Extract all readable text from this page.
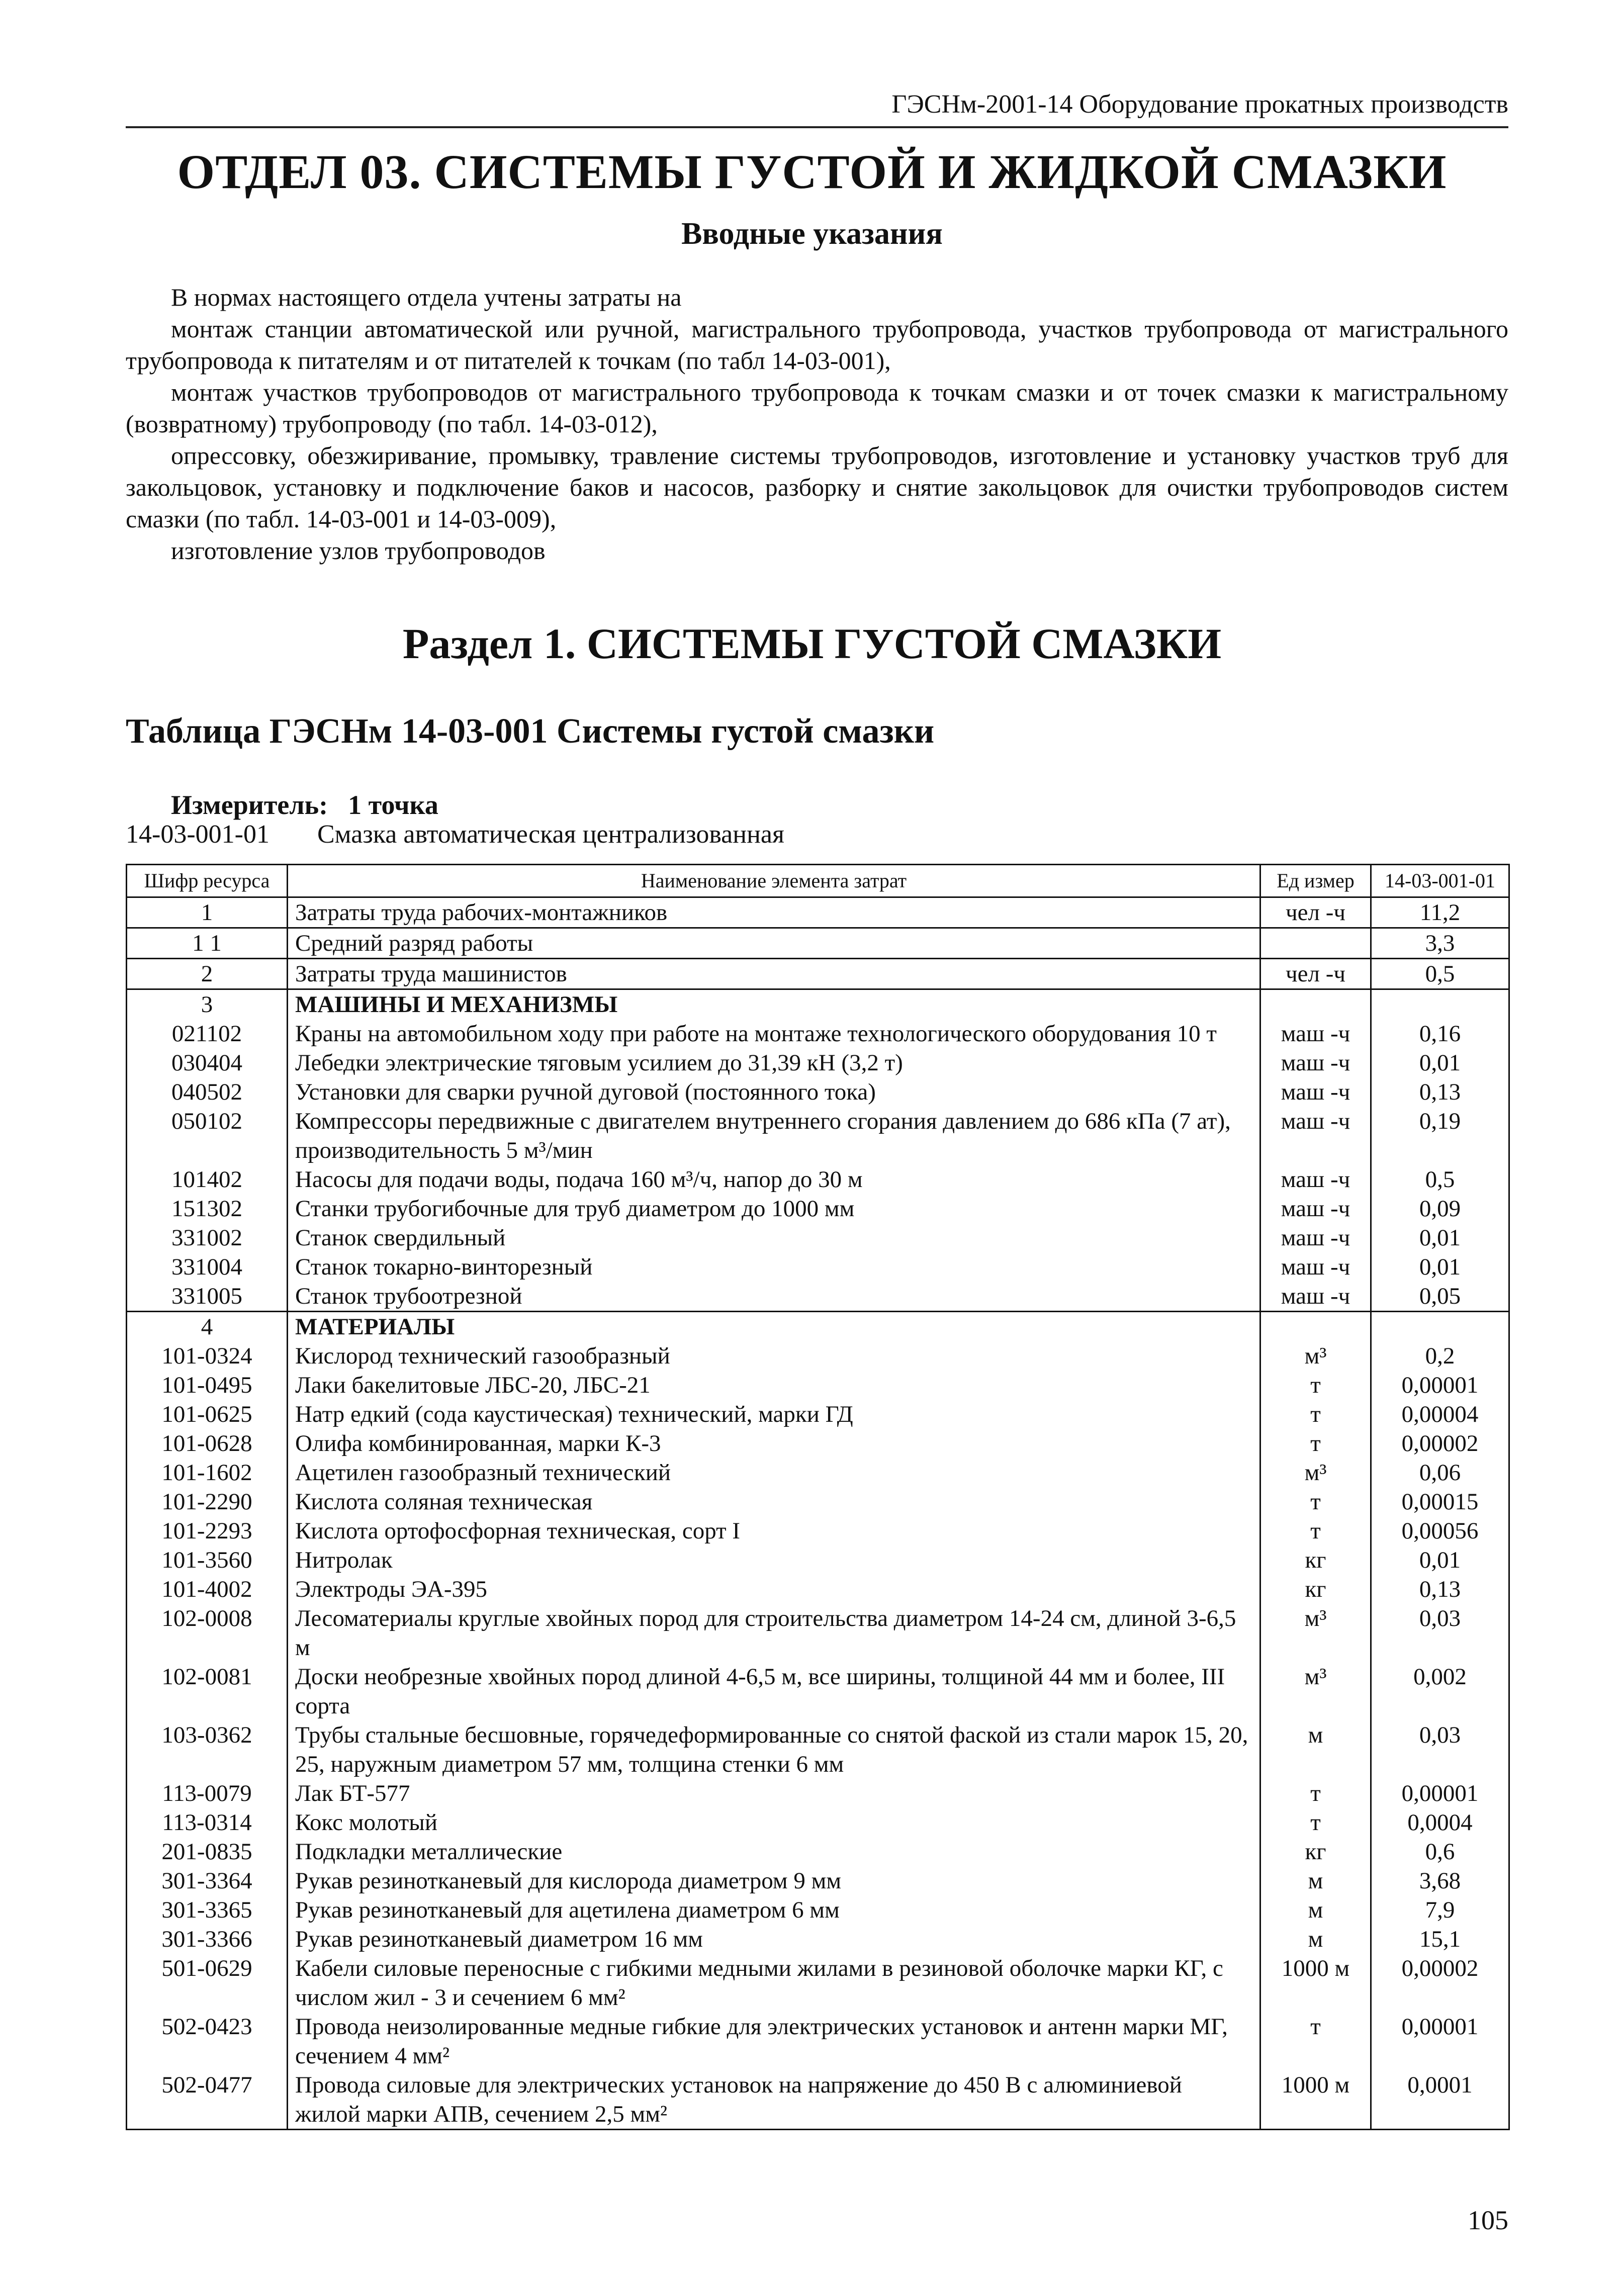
ГЭСНм-2001-14 Оборудование прокатных производств
ОТДЕЛ 03. СИСТЕМЫ ГУСТОЙ И ЖИДКОЙ СМАЗКИ
Вводные указания

В нормах настоящего отдела учтены затраты на

монтаж станции автоматической или ручной, магистрального трубопровода, участков трубопровода от магистрального трубопровода к питателям и от питателей к точкам (по табл 14-03-001),

монтаж участков трубопроводов от магистрального трубопровода к точкам смазки и от точек смазки к магистральному (возвратному) трубопроводу (по табл. 14-03-012),

опрессовку, обезжиривание, промывку, травление системы трубопроводов, изготовление и установку участков труб для закольцовок, установку и подключение баков и насосов, разборку и снятие закольцовок для очистки трубопроводов систем смазки (по табл. 14-03-001 и 14-03-009),

изготовление узлов трубопроводов

Раздел 1. СИСТЕМЫ ГУСТОЙ СМАЗКИ
Таблица ГЭСНм 14-03-001 Системы густой смазки
Измеритель: 1 точка
14-03-001-01 Смазка автоматическая централизованная
Шифр ресурса	Наименование элемента затрат	Ед измер	14-03-001-01
1	Затраты труда рабочих-монтажников	чел -ч	11,2
1 1	Средний разряд работы		3,3
2	Затраты труда машинистов	чел -ч	0,5
3	МАШИНЫ И МЕХАНИЗМЫ		
021102	Краны на автомобильном ходу при работе на монтаже технологического оборудования 10 т	маш -ч	0,16
030404	Лебедки электрические тяговым усилием до 31,39 кН (3,2 т)	маш -ч	0,01
040502	Установки для сварки ручной дуговой (постоянного тока)	маш -ч	0,13
050102	Компрессоры передвижные с двигателем внутреннего сгорания давлением до 686 кПа (7 ат), производительность 5 м³/мин	маш -ч	0,19
101402	Насосы для подачи воды, подача 160 м³/ч, напор до 30 м	маш -ч	0,5
151302	Станки трубогибочные для труб диаметром до 1000 мм	маш -ч	0,09
331002	Станок свердильный	маш -ч	0,01
331004	Станок токарно-винторезный	маш -ч	0,01
331005	Станок трубоотрезной	маш -ч	0,05
4	МАТЕРИАЛЫ		
101-0324	Кислород технический газообразный	м³	0,2
101-0495	Лаки бакелитовые ЛБС-20, ЛБС-21	т	0,00001
101-0625	Натр едкий (сода каустическая) технический, марки ГД	т	0,00004
101-0628	Олифа комбинированная, марки К-3	т	0,00002
101-1602	Ацетилен газообразный технический	м³	0,06
101-2290	Кислота соляная техническая	т	0,00015
101-2293	Кислота ортофосфорная техническая, сорт I	т	0,00056
101-3560	Нитролак	кг	0,01
101-4002	Электроды ЭА-395	кг	0,13
102-0008	Лесоматериалы круглые хвойных пород для строительства диаметром 14-24 см, длиной 3-6,5 м	м³	0,03
102-0081	Доски необрезные хвойных пород длиной 4-6,5 м, все ширины, толщиной 44 мм и более, III сорта	м³	0,002
103-0362	Трубы стальные бесшовные, горячедеформированные со снятой фаской из стали марок 15, 20, 25, наружным диаметром 57 мм, толщина стенки 6 мм	м	0,03
113-0079	Лак БТ-577	т	0,00001
113-0314	Кокс молотый	т	0,0004
201-0835	Подкладки металлические	кг	0,6
301-3364	Рукав резинотканевый для кислорода диаметром 9 мм	м	3,68
301-3365	Рукав резинотканевый для ацетилена диаметром 6 мм	м	7,9
301-3366	Рукав резинотканевый диаметром 16 мм	м	15,1
501-0629	Кабели силовые переносные с гибкими медными жилами в резиновой оболочке марки КГ, с числом жил - 3 и сечением 6 мм²	1000 м	0,00002
502-0423	Провода неизолированные медные гибкие для электрических установок и антенн марки МГ, сечением 4 мм²	т	0,00001
502-0477	Провода силовые для электрических установок на напряжение до 450 В с алюминиевой жилой марки АПВ, сечением 2,5 мм²	1000 м	0,0001
105
